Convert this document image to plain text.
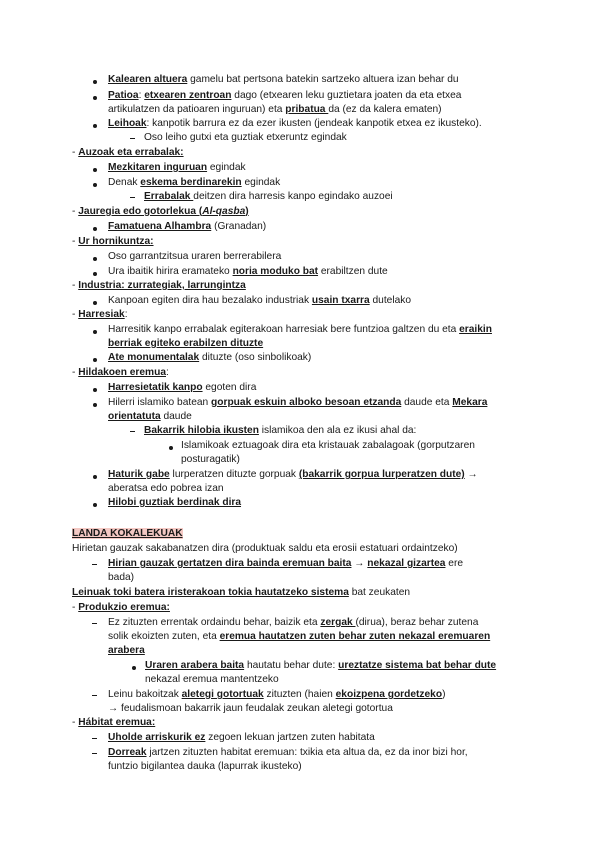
Kalearen altuera gamelu bat pertsona batekin sartzeko altuera izan behar du
Patioa: etxearen zentroan dago (etxearen leku guztietara joaten da eta etxea
artikulatzen da patioaren inguruan) eta pribatua da (ez da kalera ematen)
Leihoak: kanpotik barrura ez da ezer ikusten (jendeak kanpotik etxea ez ikusteko).
Oso leiho gutxi eta guztiak etxeruntz egindak
- Auzoak eta errabalak:
Mezkitaren inguruan egindak
Denak eskema berdinarekin egindak
Errabalak deitzen dira harresis kanpo egindako auzoei
- Jauregia edo gotorlekua (Al-qasba)
Famatuena Alhambra (Granadan)
- Ur hornikuntza:
Oso garrantzitsua uraren berrerabilera
Ura ibaitik hirira eramateko noria moduko bat erabiltzen dute
- Industria: zurrategiak, larrungintza
Kanpoan egiten dira hau bezalako industriak usain txarra dutelako
- Harresiak:
Harresitik kanpo errabalak egiterakoan harresiak bere funtzioa galtzen du eta eraikin
berriak egiteko erabilzen dituzte
Ate monumentalak dituzte (oso sinbolikoak)
- Hildakoen eremua:
Harresietatik kanpo egoten dira
Hilerri islamiko batean gorpuak eskuin alboko besoan etzanda daude eta Mekara
orientatuta daude
Bakarrik hilobia ikusten islamikoa den ala ez ikusi ahal da:
Islamikoak eztuagoak dira eta kristauak zabalagoak (gorputzaren
posturagatik)
Haturik gabe lurperatzen dituzte gorpuak (bakarrik gorpua lurperatzen dute) →
aberatsa edo pobrea izan
Hilobi guztiak berdinak dira
LANDA KOKALEKUAK
Hirietan gauzak sakabanatzen dira (produktuak saldu eta erosii estatuari ordaintzeko)
Hirian gauzak gertatzen dira bainda eremuan baita → nekazal gizartea ere
bada)
Leinuak toki batera iristerakoan tokia hautatzeko sistema bat zeukaten
- Produkzio eremua:
Ez zituzten errentak ordaindu behar, baizik eta zergak (dirua), beraz behar zutena
solik ekoizten zuten, eta eremua hautatzen zuten behar zuten nekazal eremuaren
arabera
Uraren arabera baita hautatu behar dute: ureztatze sistema bat behar dute
nekazal eremua mantentzeko
Leinu bakoitzak aletegi gotortuak zituzten (haien ekoizpena gordetzeko)
→ feudalismoan bakarrik jaun feudalak zeukan aletegi gotortua
- Hábitat eremua:
Uholde arriskurik ez zegoen lekuan jartzen zuten habitata
Dorreak jartzen zituzten habitat eremuan: txikia eta altua da, ez da inor bizi hor,
funtzio bigilantea dauka (lapurrak ikusteko)
